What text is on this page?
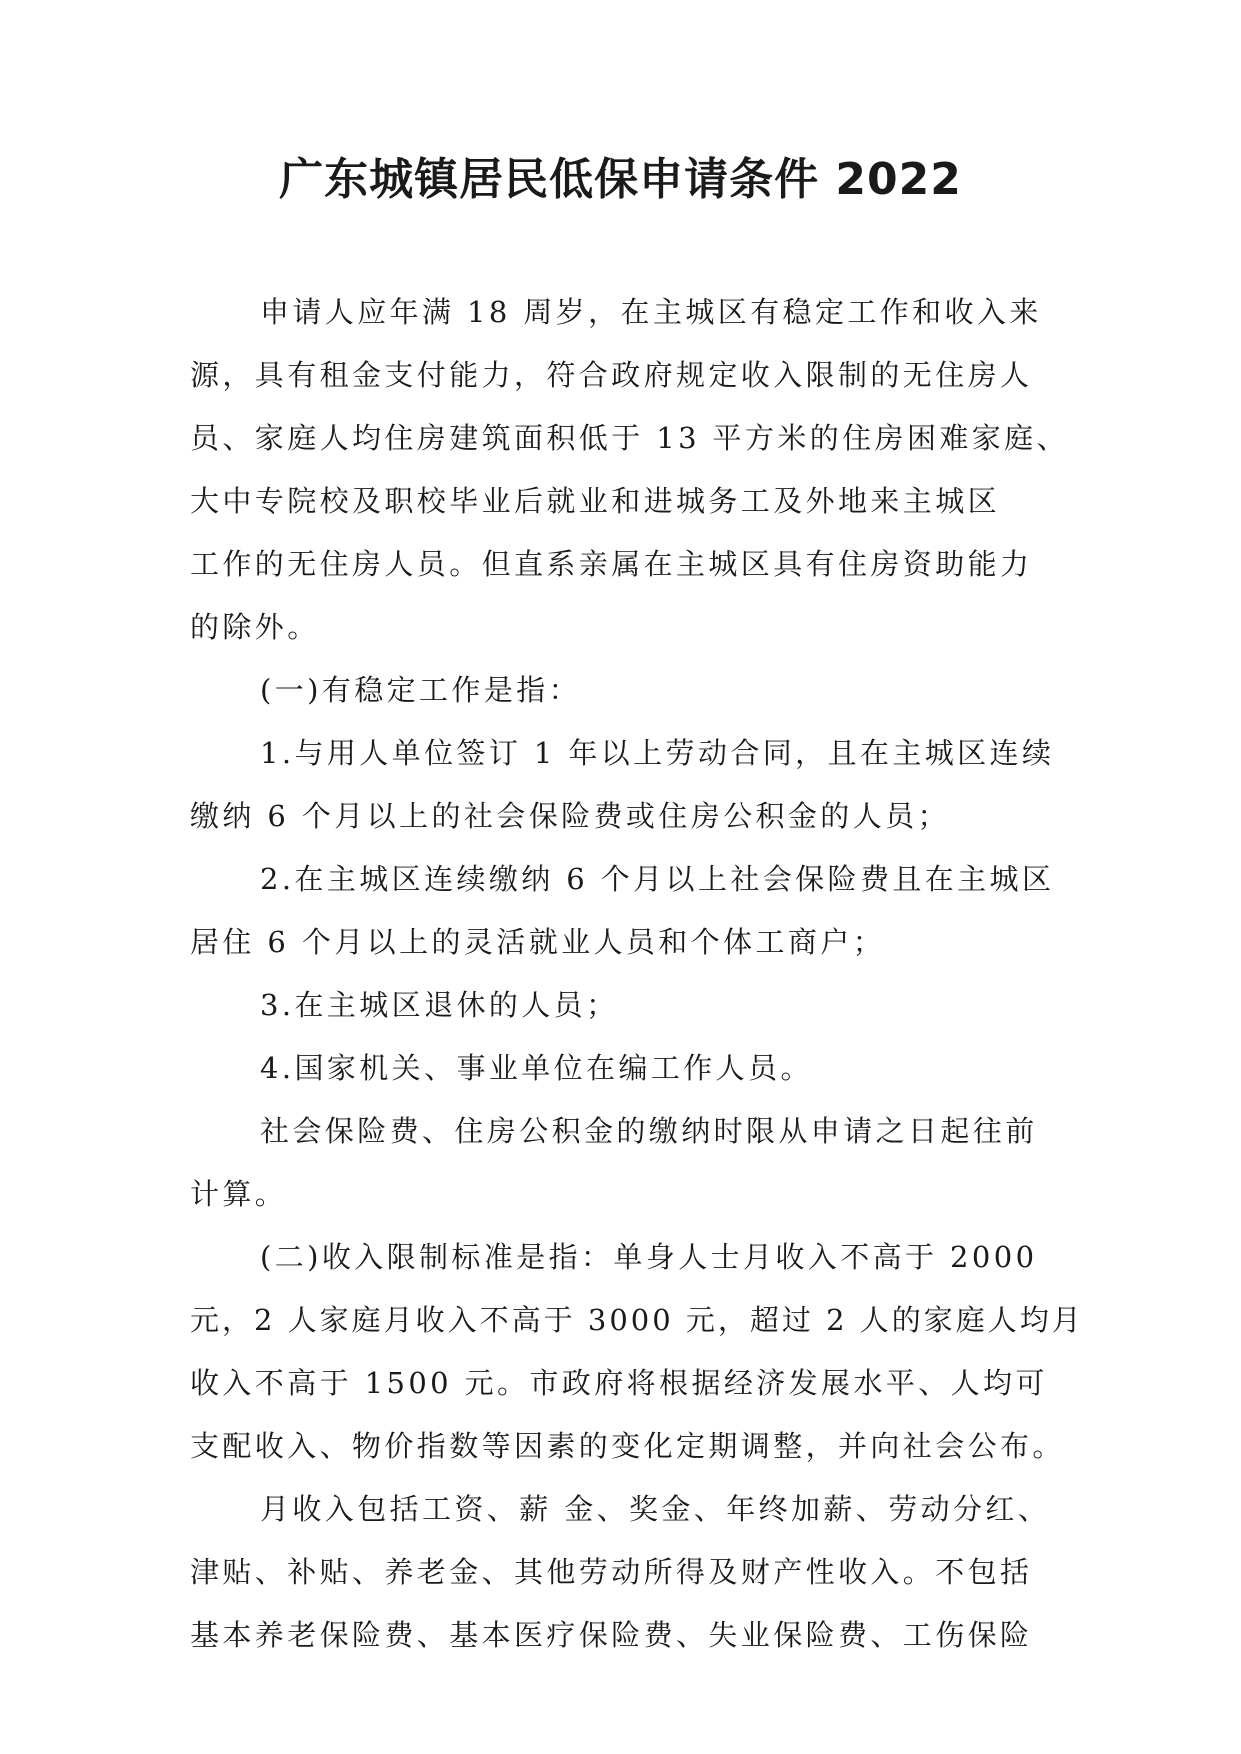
广东城镇居民低保申请条件 2022
申请人应年满 18 周岁，在主城区有稳定工作和收入来
源，具有租金支付能力，符合政府规定收入限制的无住房人
员、家庭人均住房建筑面积低于 13 平方米的住房困难家庭、
大中专院校及职校毕业后就业和进城务工及外地来主城区
工作的无住房人员。但直系亲属在主城区具有住房资助能力
的除外。
(一)有稳定工作是指：
1.与用人单位签订 1 年以上劳动合同，且在主城区连续
缴纳 6 个月以上的社会保险费或住房公积金的人员；
2.在主城区连续缴纳 6 个月以上社会保险费且在主城区
居住 6 个月以上的灵活就业人员和个体工商户；
3.在主城区退休的人员；
4.国家机关、事业单位在编工作人员。
社会保险费、住房公积金的缴纳时限从申请之日起往前
计算。
(二)收入限制标准是指：单身人士月收入不高于 2000
元，2 人家庭月收入不高于 3000 元，超过 2 人的家庭人均月
收入不高于 1500 元。市政府将根据经济发展水平、人均可
支配收入、物价指数等因素的变化定期调整，并向社会公布。
月收入包括工资、薪 金、奖金、年终加薪、劳动分红、
津贴、补贴、养老金、其他劳动所得及财产性收入。不包括
基本养老保险费、基本医疗保险费、失业保险费、工伤保险
